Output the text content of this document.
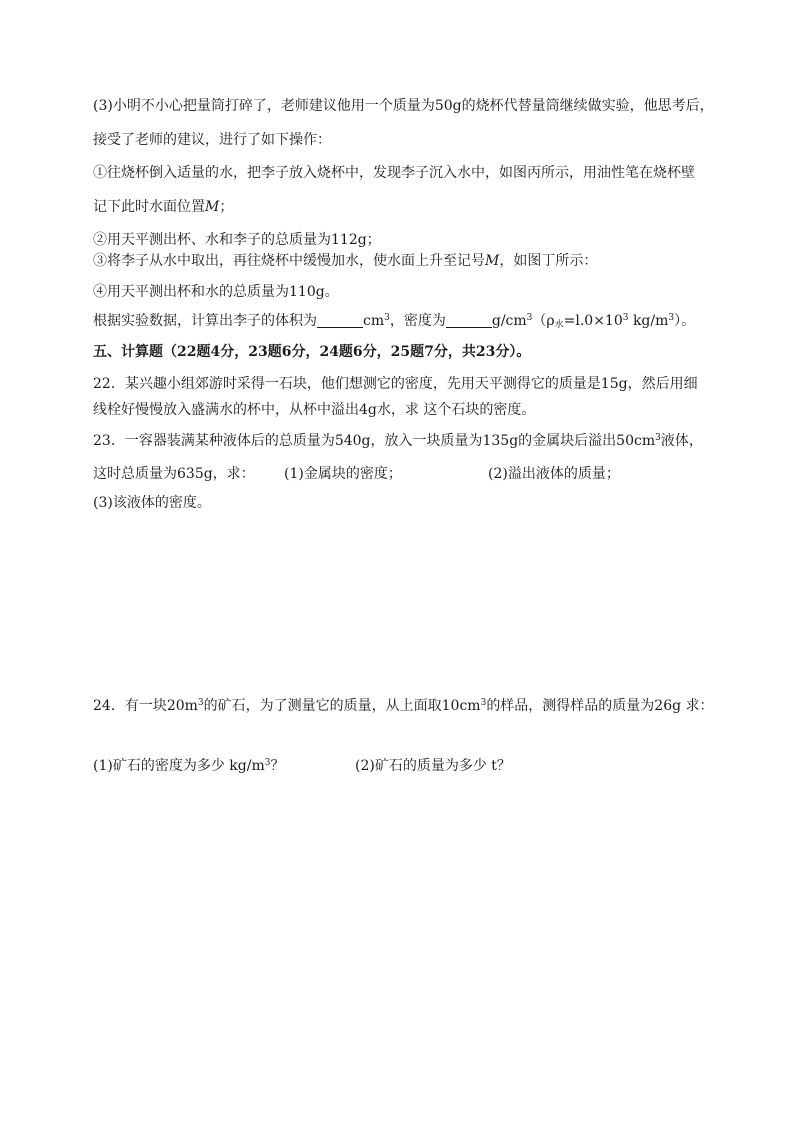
(3)小明不小心把量筒打碎了，老师建议他用一个质量为50g的烧杯代替量筒继续做实验，他思考后，
接受了老师的建议，进行了如下操作：
①往烧杯倒入适量的水，把李子放入烧杯中，发现李子沉入水中，如图丙所示，用油性笔在烧杯壁
记下此时水面位置M；
②用天平测出杯、水和李子的总质量为112g；
③将李子从水中取出，再往烧杯中缓慢加水，使水面上升至记号M，如图丁所示：
④用天平测出杯和水的总质量为110g。
根据实验数据，计算出李子的体积为	$cm^3$，密度为	$g/cm^3(\rho_水=l.0\times 10^3$ $kg/m^3$）。
五、计算题（22题4分，23题6分，24题6分，25题7分，共23分）。
22．某兴趣小组郊游时采得一石块，他们想测它的密度，先用天平测得它的质量是15g，然后用细
线栓好慢慢放入盛满水的杯中，从杯中溢出4g水，求 这个石块的密度。
23．一容器装满某种液体后的总质量为540g，放入一块质量为135g的金属块后溢出$50cm^3$液体，
这时总质量为635g，求： (1)金属块的密度；	(2)溢出液体的质量；
(3)该液体的密度。
24．有一块$20m^3$的矿石，为了测量它的质量，从上面取$10cm^3$的样品，测得样品的质量为26g 求：
(1)矿石的密度为多少 $kg/m^3$？	(2)矿石的质量为多少 t？
